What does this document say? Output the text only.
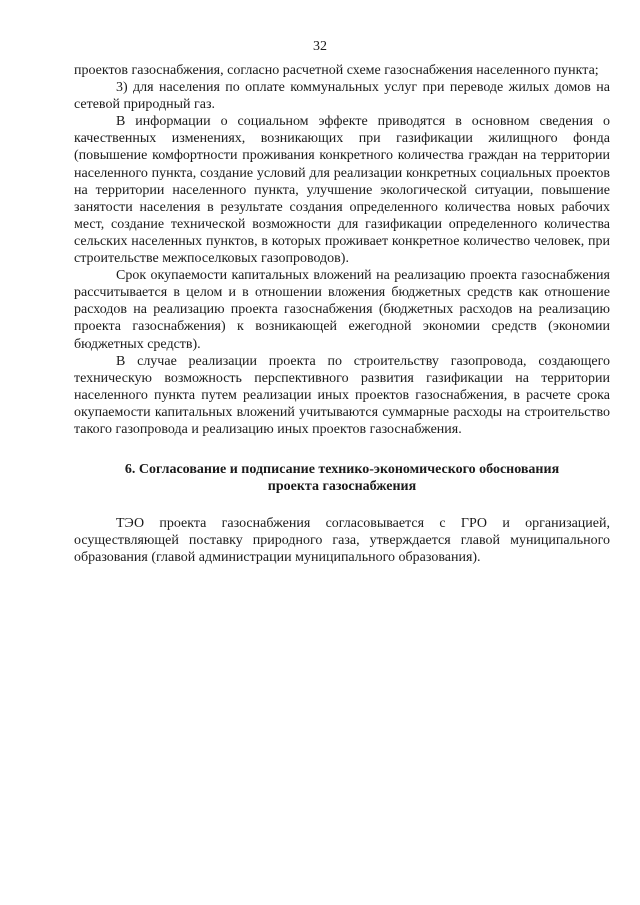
32

проектов газоснабжения, согласно расчетной схеме газоснабжения населенного пункта;

3) для населения по оплате коммунальных услуг при переводе жилых домов на сетевой природный газ.

В информации о социальном эффекте приводятся в основном сведения о качественных изменениях, возникающих при газификации жилищного фонда (повышение комфортности проживания конкретного количества граждан на территории населенного пункта, создание условий для реализации конкретных социальных проектов на территории населенного пункта, улучшение экологической ситуации, повышение занятости населения в результате создания определенного количества новых рабочих мест, создание технической возможности для газификации определенного количества сельских населенных пунктов, в которых проживает конкретное количество человек, при строительстве межпоселковых газопроводов).

Срок окупаемости капитальных вложений на реализацию проекта газоснабжения рассчитывается в целом и в отношении вложения бюджетных средств как отношение расходов на реализацию проекта газоснабжения (бюджетных расходов на реализацию проекта газоснабжения) к возникающей ежегодной экономии средств (экономии бюджетных средств).

В случае реализации проекта по строительству газопровода, создающего техническую возможность перспективного развития газификации на территории населенного пункта путем реализации иных проектов газоснабжения, в расчете срока окупаемости капитальных вложений учитываются суммарные расходы на строительство такого газопровода и реализацию иных проектов газоснабжения.

6. Согласование и подписание технико-экономического обоснования
проекта газоснабжения

ТЭО проекта газоснабжения согласовывается с ГРО и организацией, осуществляющей поставку природного газа, утверждается главой муниципального образования (главой администрации муниципального образования).
